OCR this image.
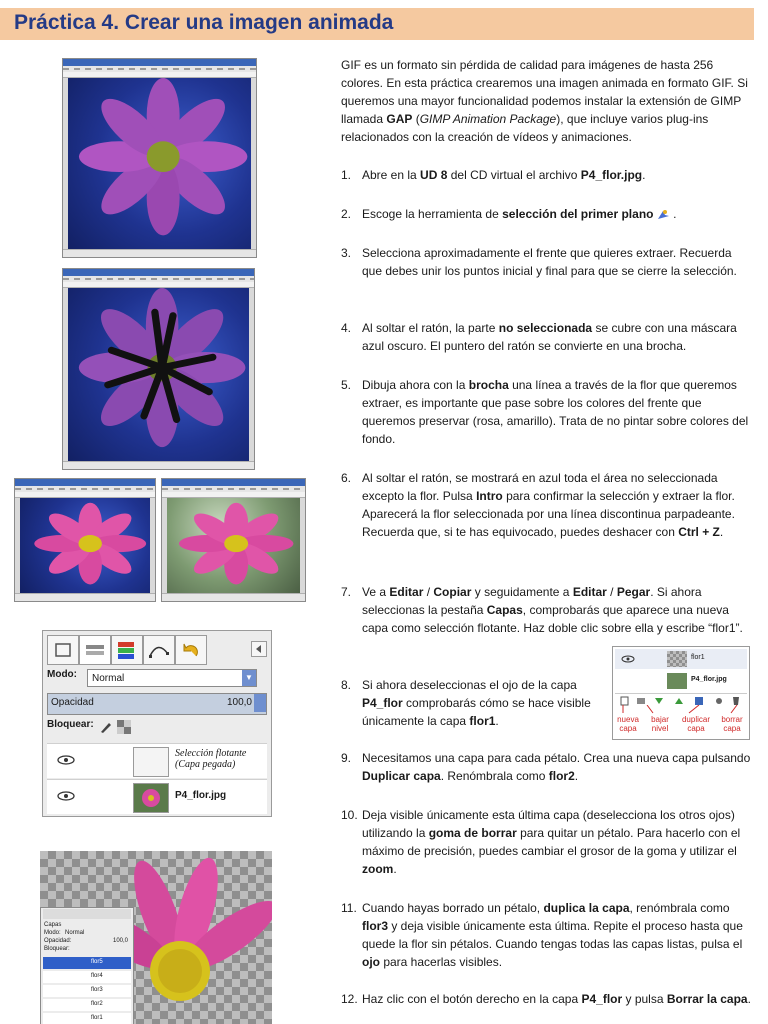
Práctica 4. Crear una imagen animada
Modo:	Normal	▼
Opacidad	100,0
Bloquear:
Selección flotante
(Capa pegada)
P4_flor.jpg
Capas
Modo: Normal
Opacidad:	100,0
Bloquear:
flor5
flor4
flor3
flor2
flor1

GIF es un formato sin pérdida de calidad para imágenes de hasta 256 colores. En esta práctica crearemos una imagen animada en formato GIF. Si queremos una mayor funcionalidad podemos instalar la extensión de GIMP llamada GAP (GIMP Animation Package), que incluye varios plug-ins relacionados con la creación de vídeos y animaciones.

1. Abre en la UD 8 del CD virtual el archivo P4_flor.jpg.

2. Escoge la herramienta de selección del primer plano  .

3. Selecciona aproximadamente el frente que quieres extraer. Recuerda que debes unir los puntos inicial y final para que se cierre la selección.

4. Al soltar el ratón, la parte no seleccionada se cubre con una máscara azul oscuro. El puntero del ratón se convierte en una brocha.

5. Dibuja ahora con la brocha una línea a través de la flor que queremos extraer, es importante que pase sobre los colores del frente que queremos preservar (rosa, amarillo). Trata de no pintar sobre colores del fondo.

6. Al soltar el ratón, se mostrará en azul toda el área no seleccionada excepto la flor. Pulsa Intro para confirmar la selección y extraer la flor. Aparecerá la flor seleccionada por una línea discontinua parpadeante. Recuerda que, si te has equivocado, puedes deshacer con Ctrl + Z.

7. Ve a Editar / Copiar y seguidamente a Editar / Pegar. Si ahora seleccionas la pestaña Capas, comprobarás que aparece una nueva capa como selección flotante. Haz doble clic sobre ella y escribe “flor1”.

8. Si ahora deseleccionas el ojo de la capa P4_flor comprobarás cómo se hace visible únicamente la capa flor1.

flor1
P4_flor.jpg
nueva
capa
bajar
nivel
duplicar
capa
borrar
capa

9. Necesitamos una capa para cada pétalo. Crea una nueva capa pulsando Duplicar capa. Renómbrala como flor2.

10. Deja visible únicamente esta última capa (deselecciona los otros ojos) utilizando la goma de borrar para quitar un pétalo. Para hacerlo con el máximo de precisión, puedes cambiar el grosor de la goma y utilizar el zoom.

11. Cuando hayas borrado un pétalo, duplica la capa, renómbrala como flor3 y deja visible únicamente esta última. Repite el proceso hasta que quede la flor sin pétalos. Cuando tengas todas las capas listas, pulsa el ojo para hacerlas visibles.

12. Haz clic con el botón derecho en la capa P4_flor y pulsa Borrar la capa.
